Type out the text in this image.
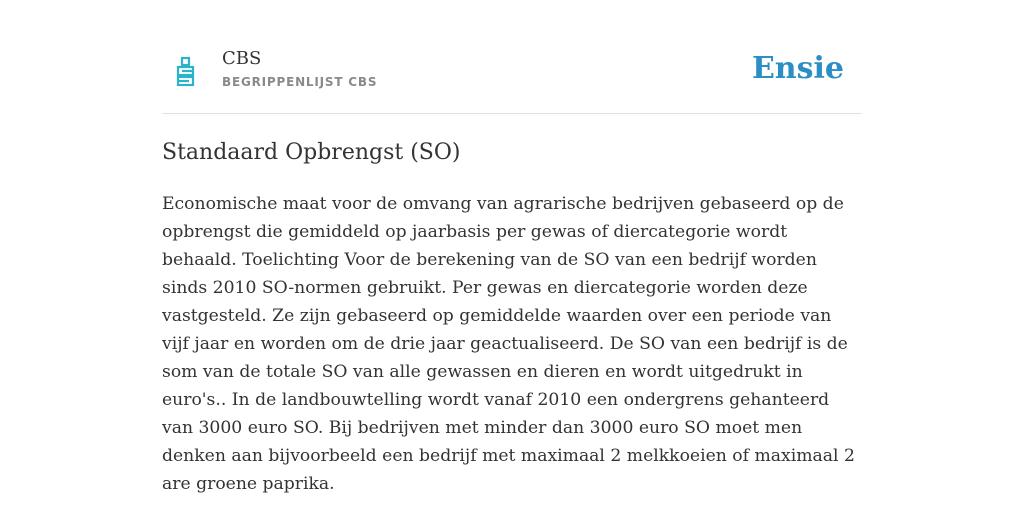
CBS
BEGRIPPENLIJST CBS	Ensie
Standaard Opbrengst (SO)

Economische maat voor de omvang van agrarische bedrijven gebaseerd op de opbrengst die gemiddeld op jaarbasis per gewas of diercategorie wordt behaald. Toelichting Voor de berekening van de SO van een bedrijf worden sinds 2010 SO-normen gebruikt. Per gewas en diercategorie worden deze vastgesteld. Ze zijn gebaseerd op gemiddelde waarden over een periode van vijf jaar en worden om de drie jaar geactualiseerd. De SO van een bedrijf is de som van de totale SO van alle gewassen en dieren en wordt uitgedrukt in euro's.. In de landbouwtelling wordt vanaf 2010 een ondergrens gehanteerd van 3000 euro SO. Bij bedrijven met minder dan 3000 euro SO moet men denken aan bijvoorbeeld een bedrijf met maximaal 2 melkkoeien of maximaal 2 are groene paprika.
